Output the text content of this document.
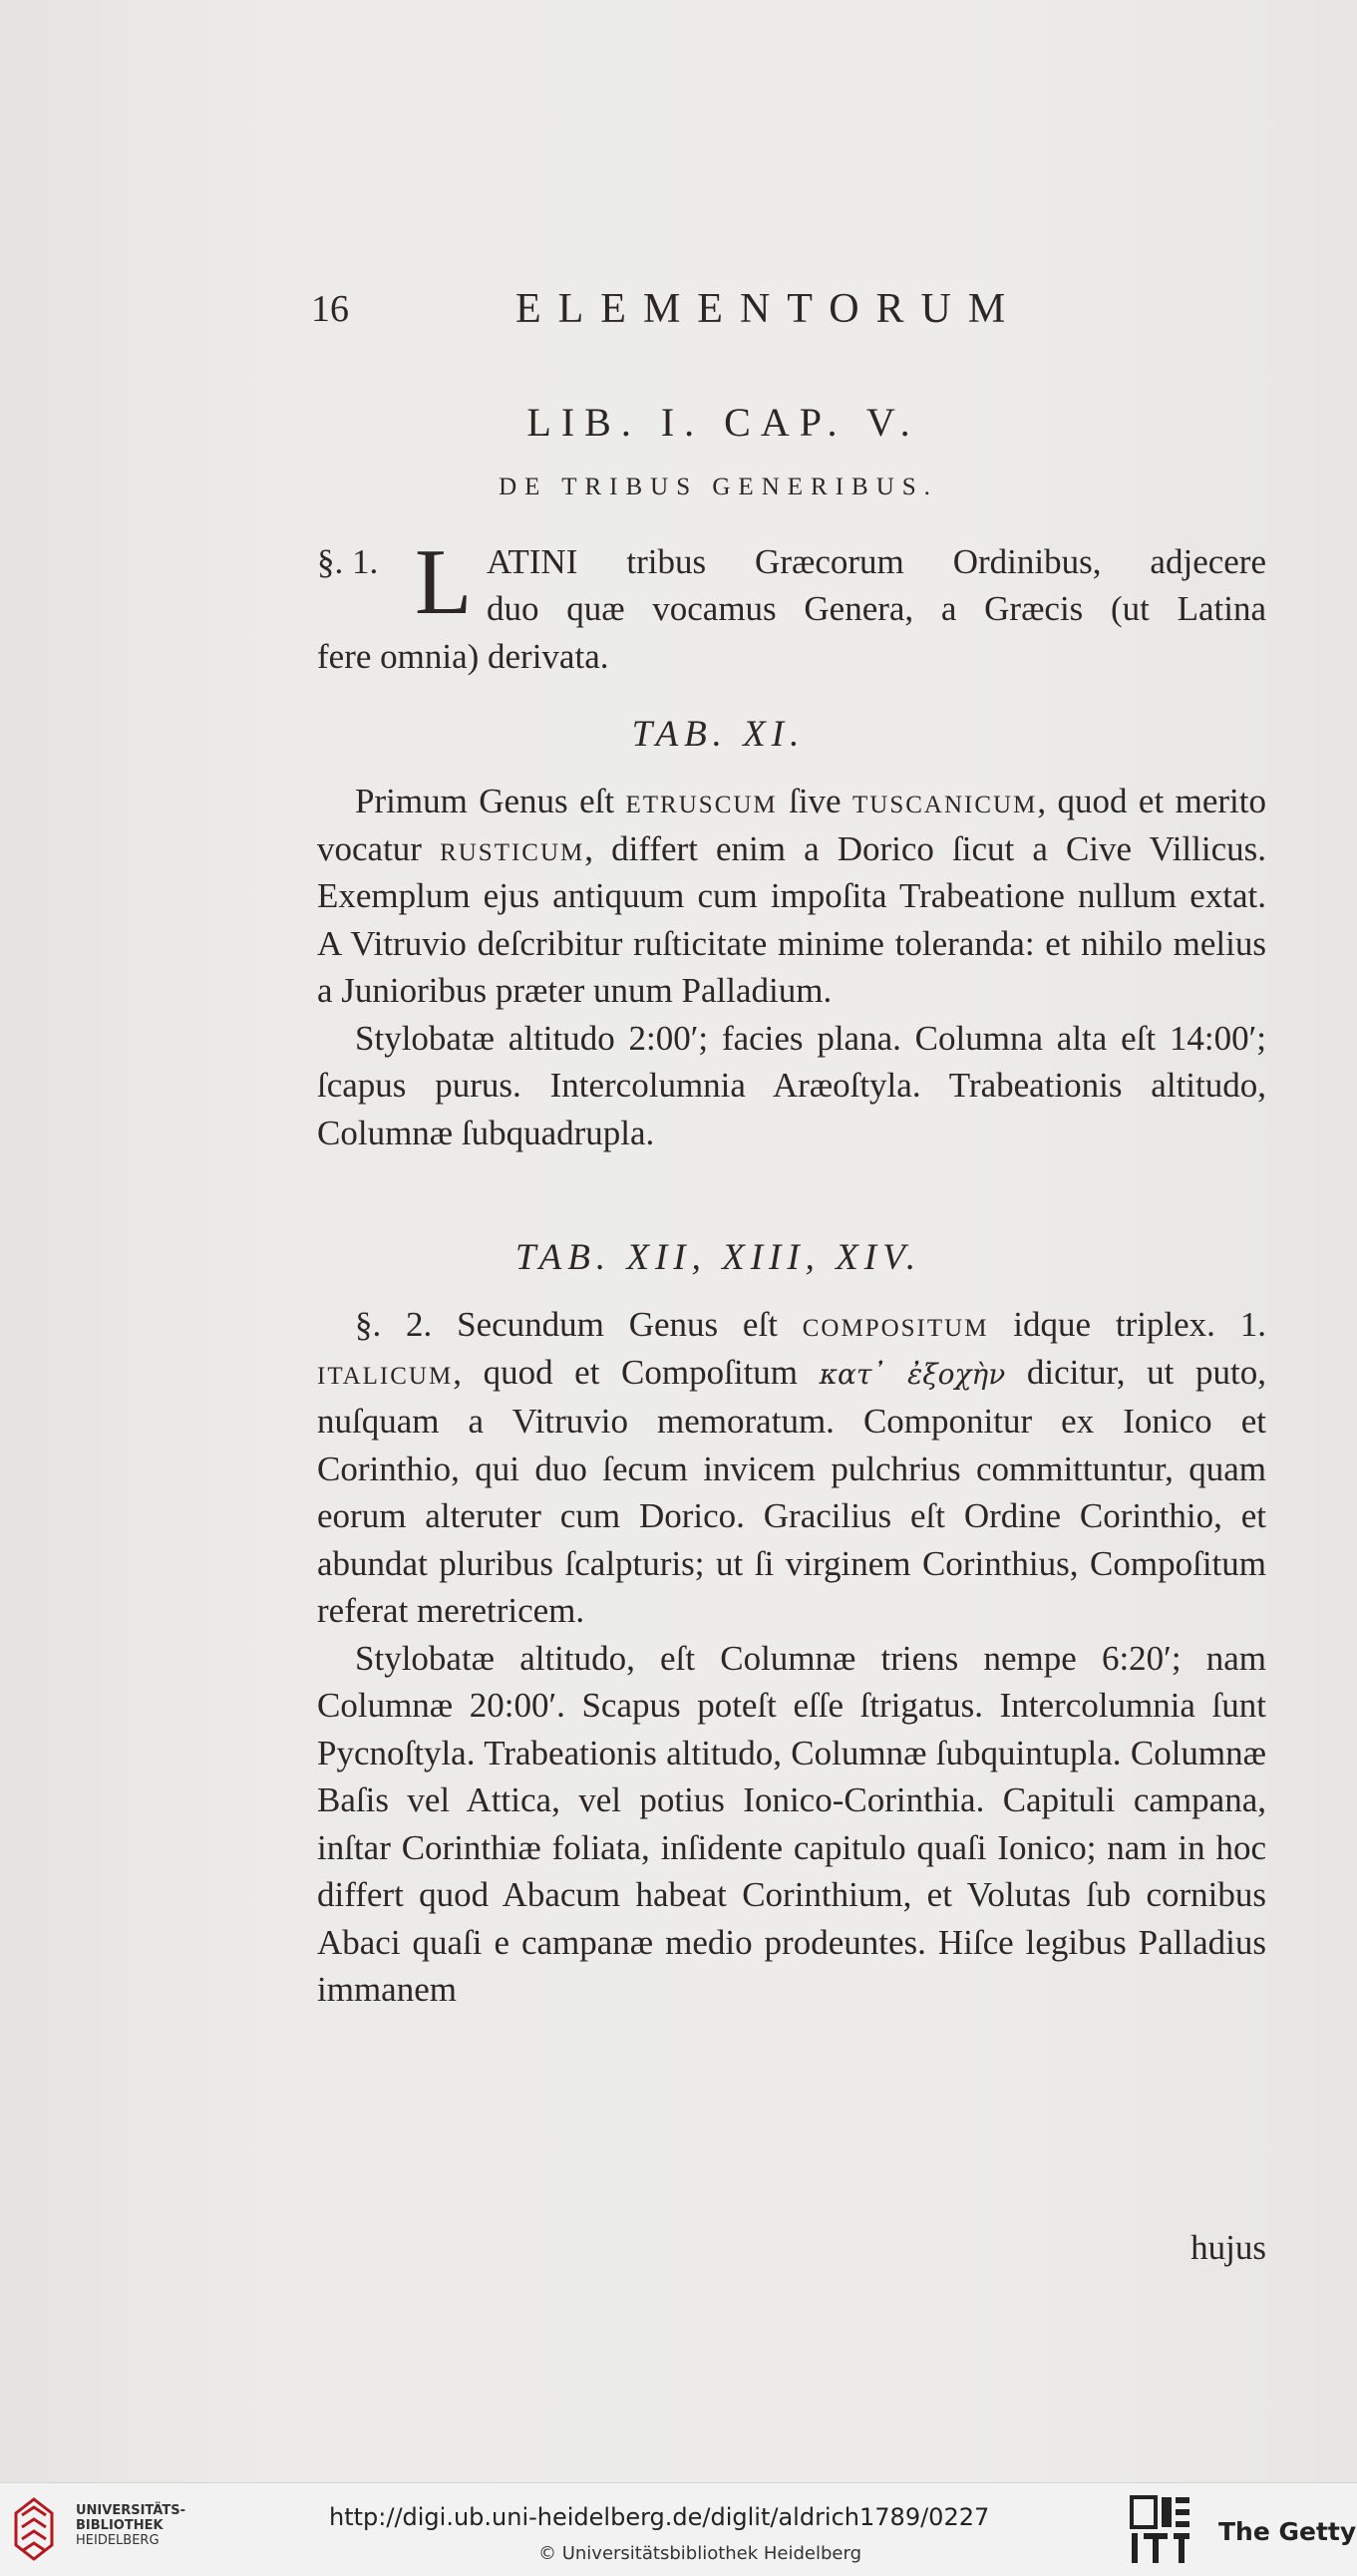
16	ELEMENTORUM
LIB. I. CAP. V.
DE TRIBUS GENERIBUS.
§. 1. L ATINI tribus Græcorum Ordinibus, adjecere
duo quæ vocamus Genera, a Græcis (ut Latina
fere omnia) derivata.
TAB. XI.

Primum Genus eſt etruscum ſive tuscanicum, quod et merito vocatur rusticum, differt enim a Dorico ſicut a Cive Villicus. Exemplum ejus antiquum cum impoſita Trabeatione nullum extat. A Vitruvio deſcribitur ruſticitate minime toleranda: et nihilo melius a Junioribus præter unum Palladium.

Stylobatæ altitudo 2:00′; facies plana. Columna alta eſt 14:00′; ſcapus purus. Intercolumnia Aræoſtyla. Trabeationis altitudo, Columnæ ſubquadrupla.

TAB. XII, XIII, XIV.

§. 2. Secundum Genus eſt compositum idque triplex. 1. italicum, quod et Compoſitum κατ᾽ ἐξοχὴν dicitur, ut puto, nuſquam a Vitruvio memoratum. Componitur ex Ionico et Corinthio, qui duo ſecum invicem pulchrius committuntur, quam eorum alteruter cum Dorico. Gracilius eſt Ordine Corinthio, et abundat pluribus ſcalpturis; ut ſi virginem Corinthius, Compoſitum referat meretricem.

Stylobatæ altitudo, eſt Columnæ triens nempe 6:20′; nam Columnæ 20:00′. Scapus poteſt eſſe ſtrigatus. Intercolumnia ſunt Pycnoſtyla. Trabeationis altitudo, Columnæ ſubquintupla. Columnæ Baſis vel Attica, vel potius Ionico-Corinthia. Capituli campana, inſtar Corinthiæ foliata, inſidente capitulo quaſi Ionico; nam in hoc differt quod Abacum habeat Corinthium, et Volutas ſub cornibus Abaci quaſi e campanæ medio prodeuntes. Hiſce legibus Palladius immanem

hujus
UNIVERSITÄTS-
BIBLIOTHEK
HEIDELBERG
http://digi.ub.uni-heidelberg.de/diglit/aldrich1789/0227
© Universitätsbibliothek Heidelberg
The Getty
